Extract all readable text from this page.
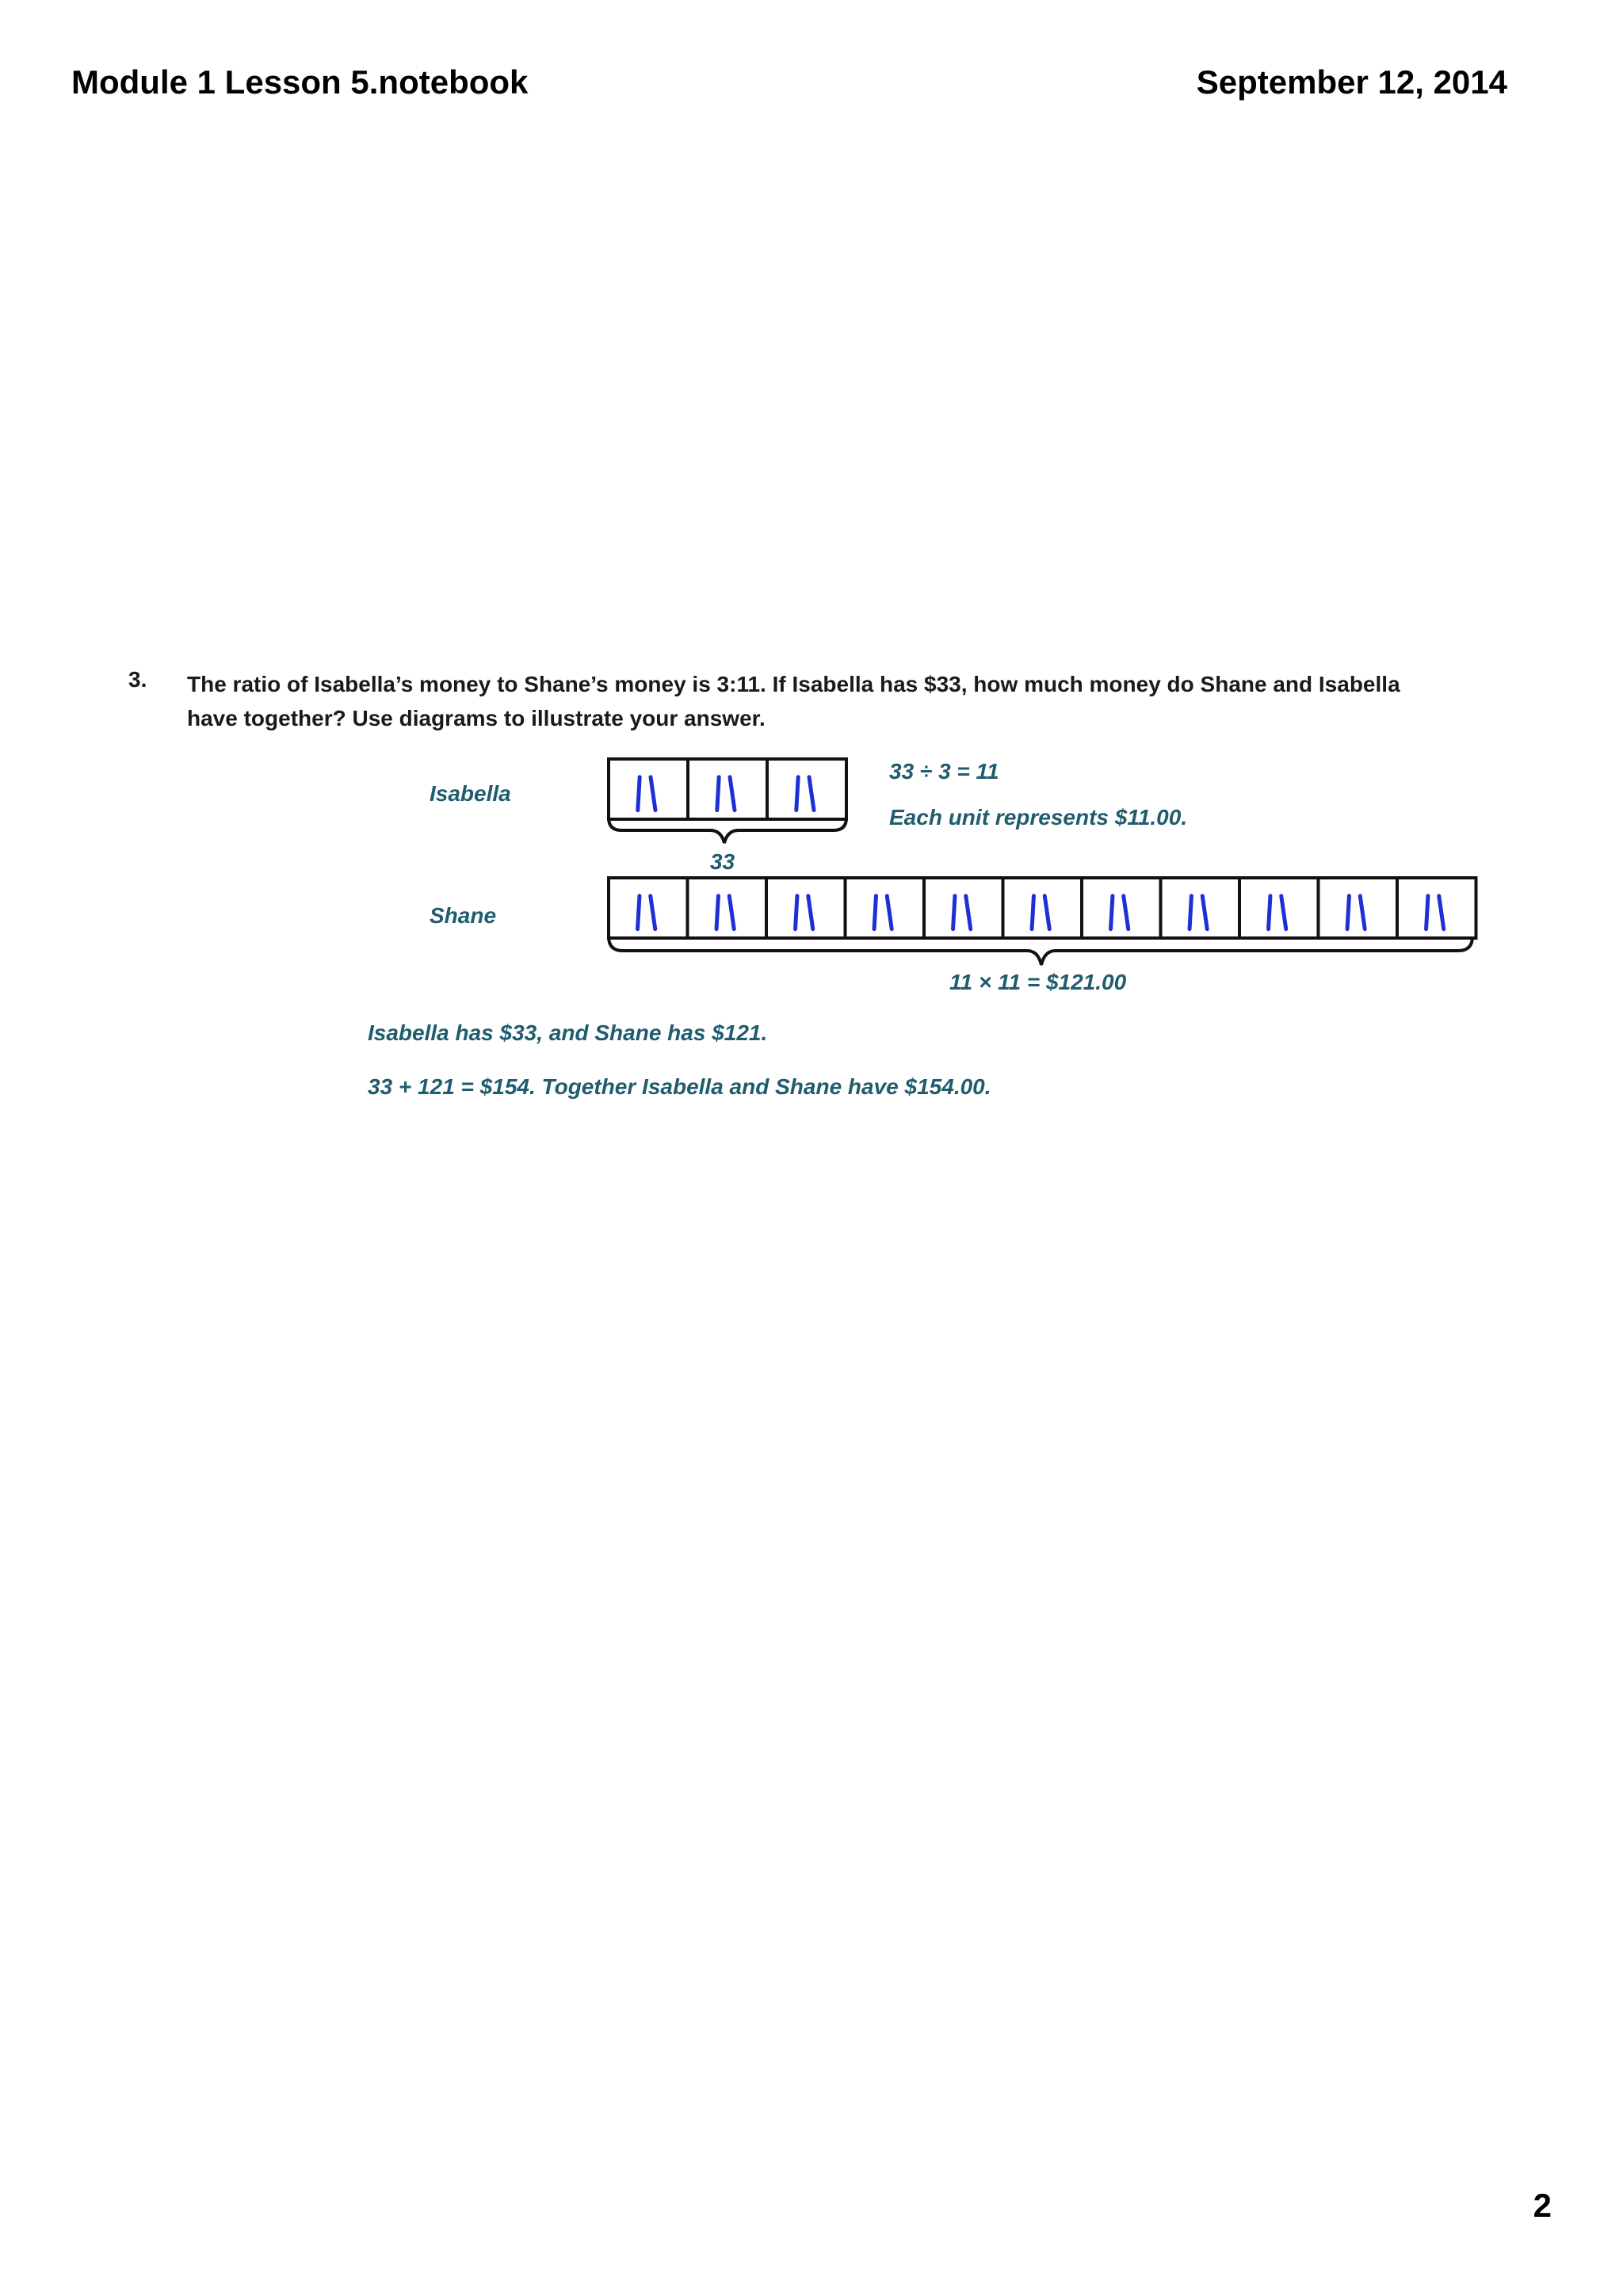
Module 1 Lesson 5.notebook	September 12, 2014
3. The ratio of Isabella’s money to Shane’s money is 3:11. If Isabella has $33, how much money do Shane and Isabella
have together? Use diagrams to illustrate your answer.
Isabella
Shane
33 ÷ 3 = 11
Each unit represents $11.00.
33
11 × 11 = $121.00
Isabella has $33, and Shane has $121.
33 + 121 = $154. Together Isabella and Shane have $154.00.
2
